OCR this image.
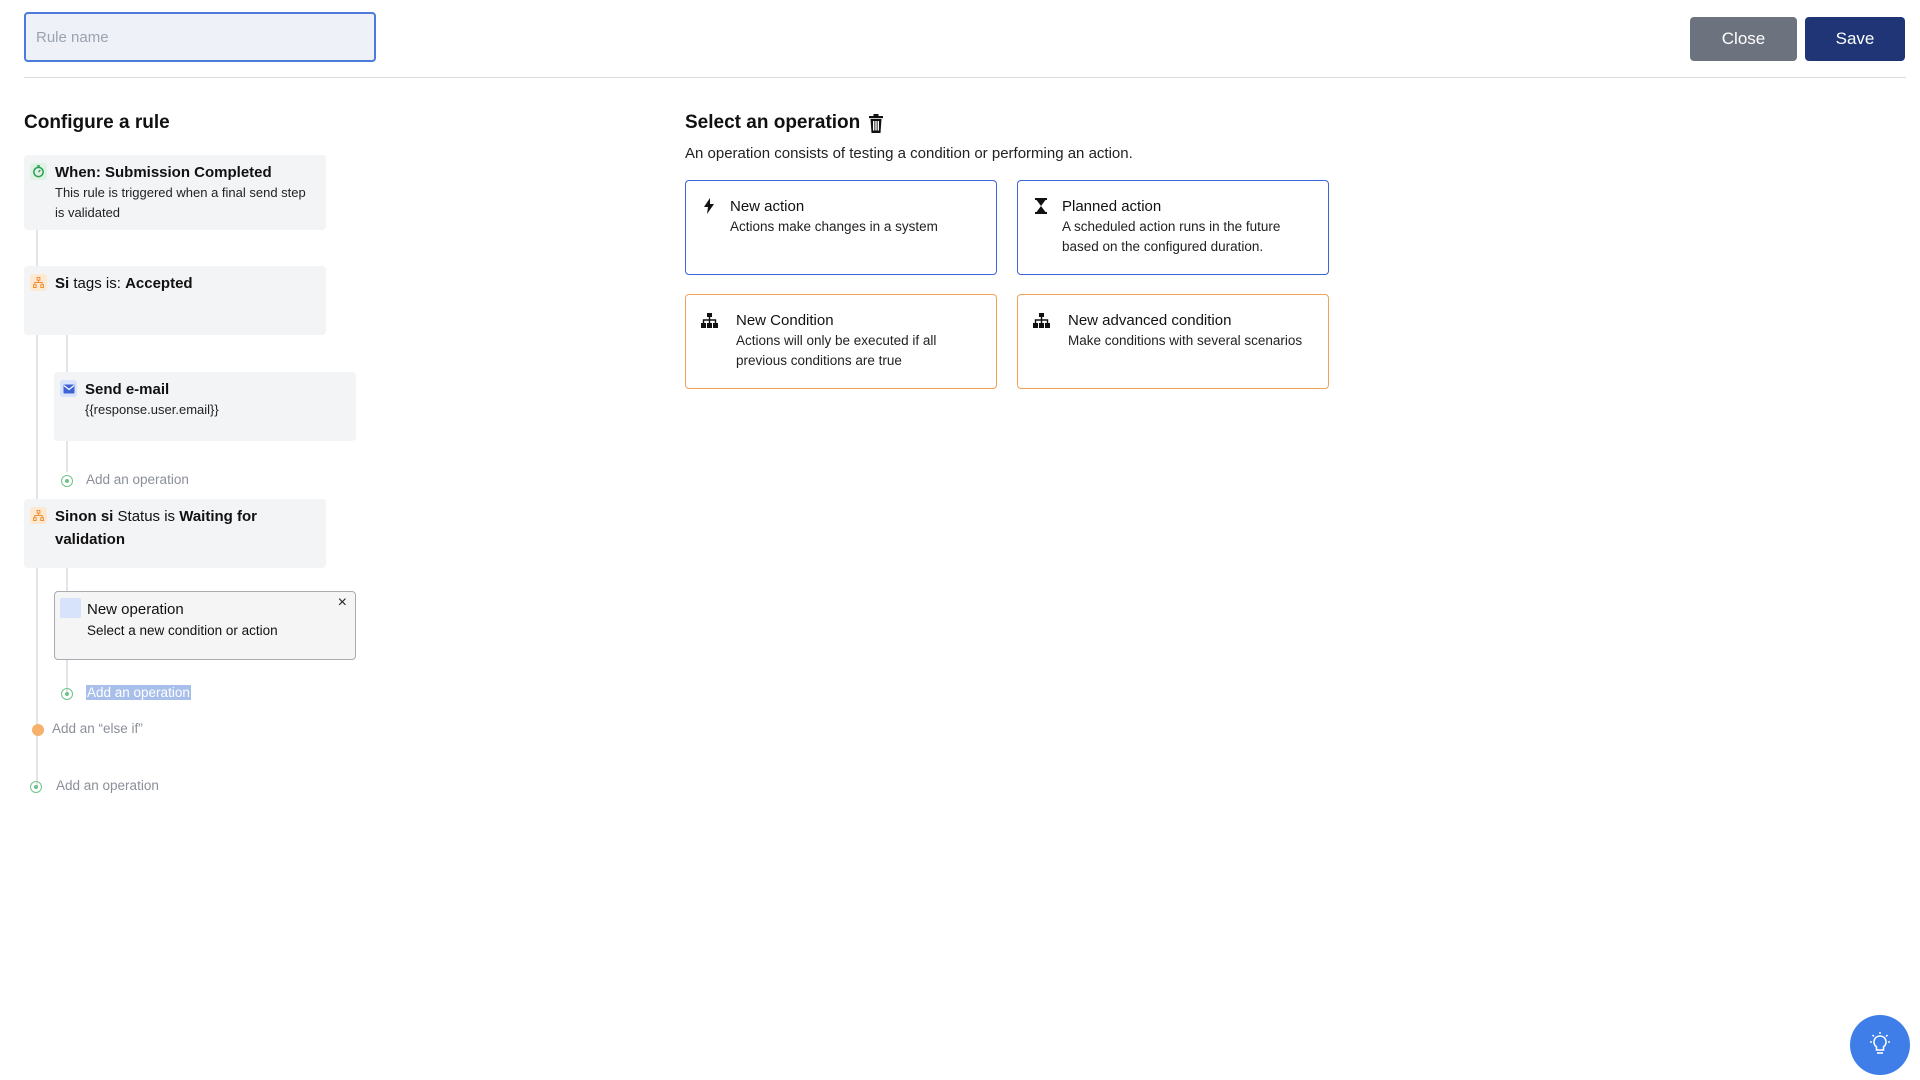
Rule name
Close	Save
Configure a rule
When: Submission Completed
This rule is triggered when a final send step is validated
Si tags is: Accepted
Send e-mail
{{response.user.email}}
Add an operation
Sinon si Status is Waiting for validation
New operation
Select a new condition or action
×
Add an operation
Add an “else if”
Add an operation
Select an operation
An operation consists of testing a condition or performing an action.
New action
Actions make changes in a system
Planned action
A scheduled action runs in the future based on the configured duration.
New Condition
Actions will only be executed if all previous conditions are true
New advanced condition
Make conditions with several scenarios
